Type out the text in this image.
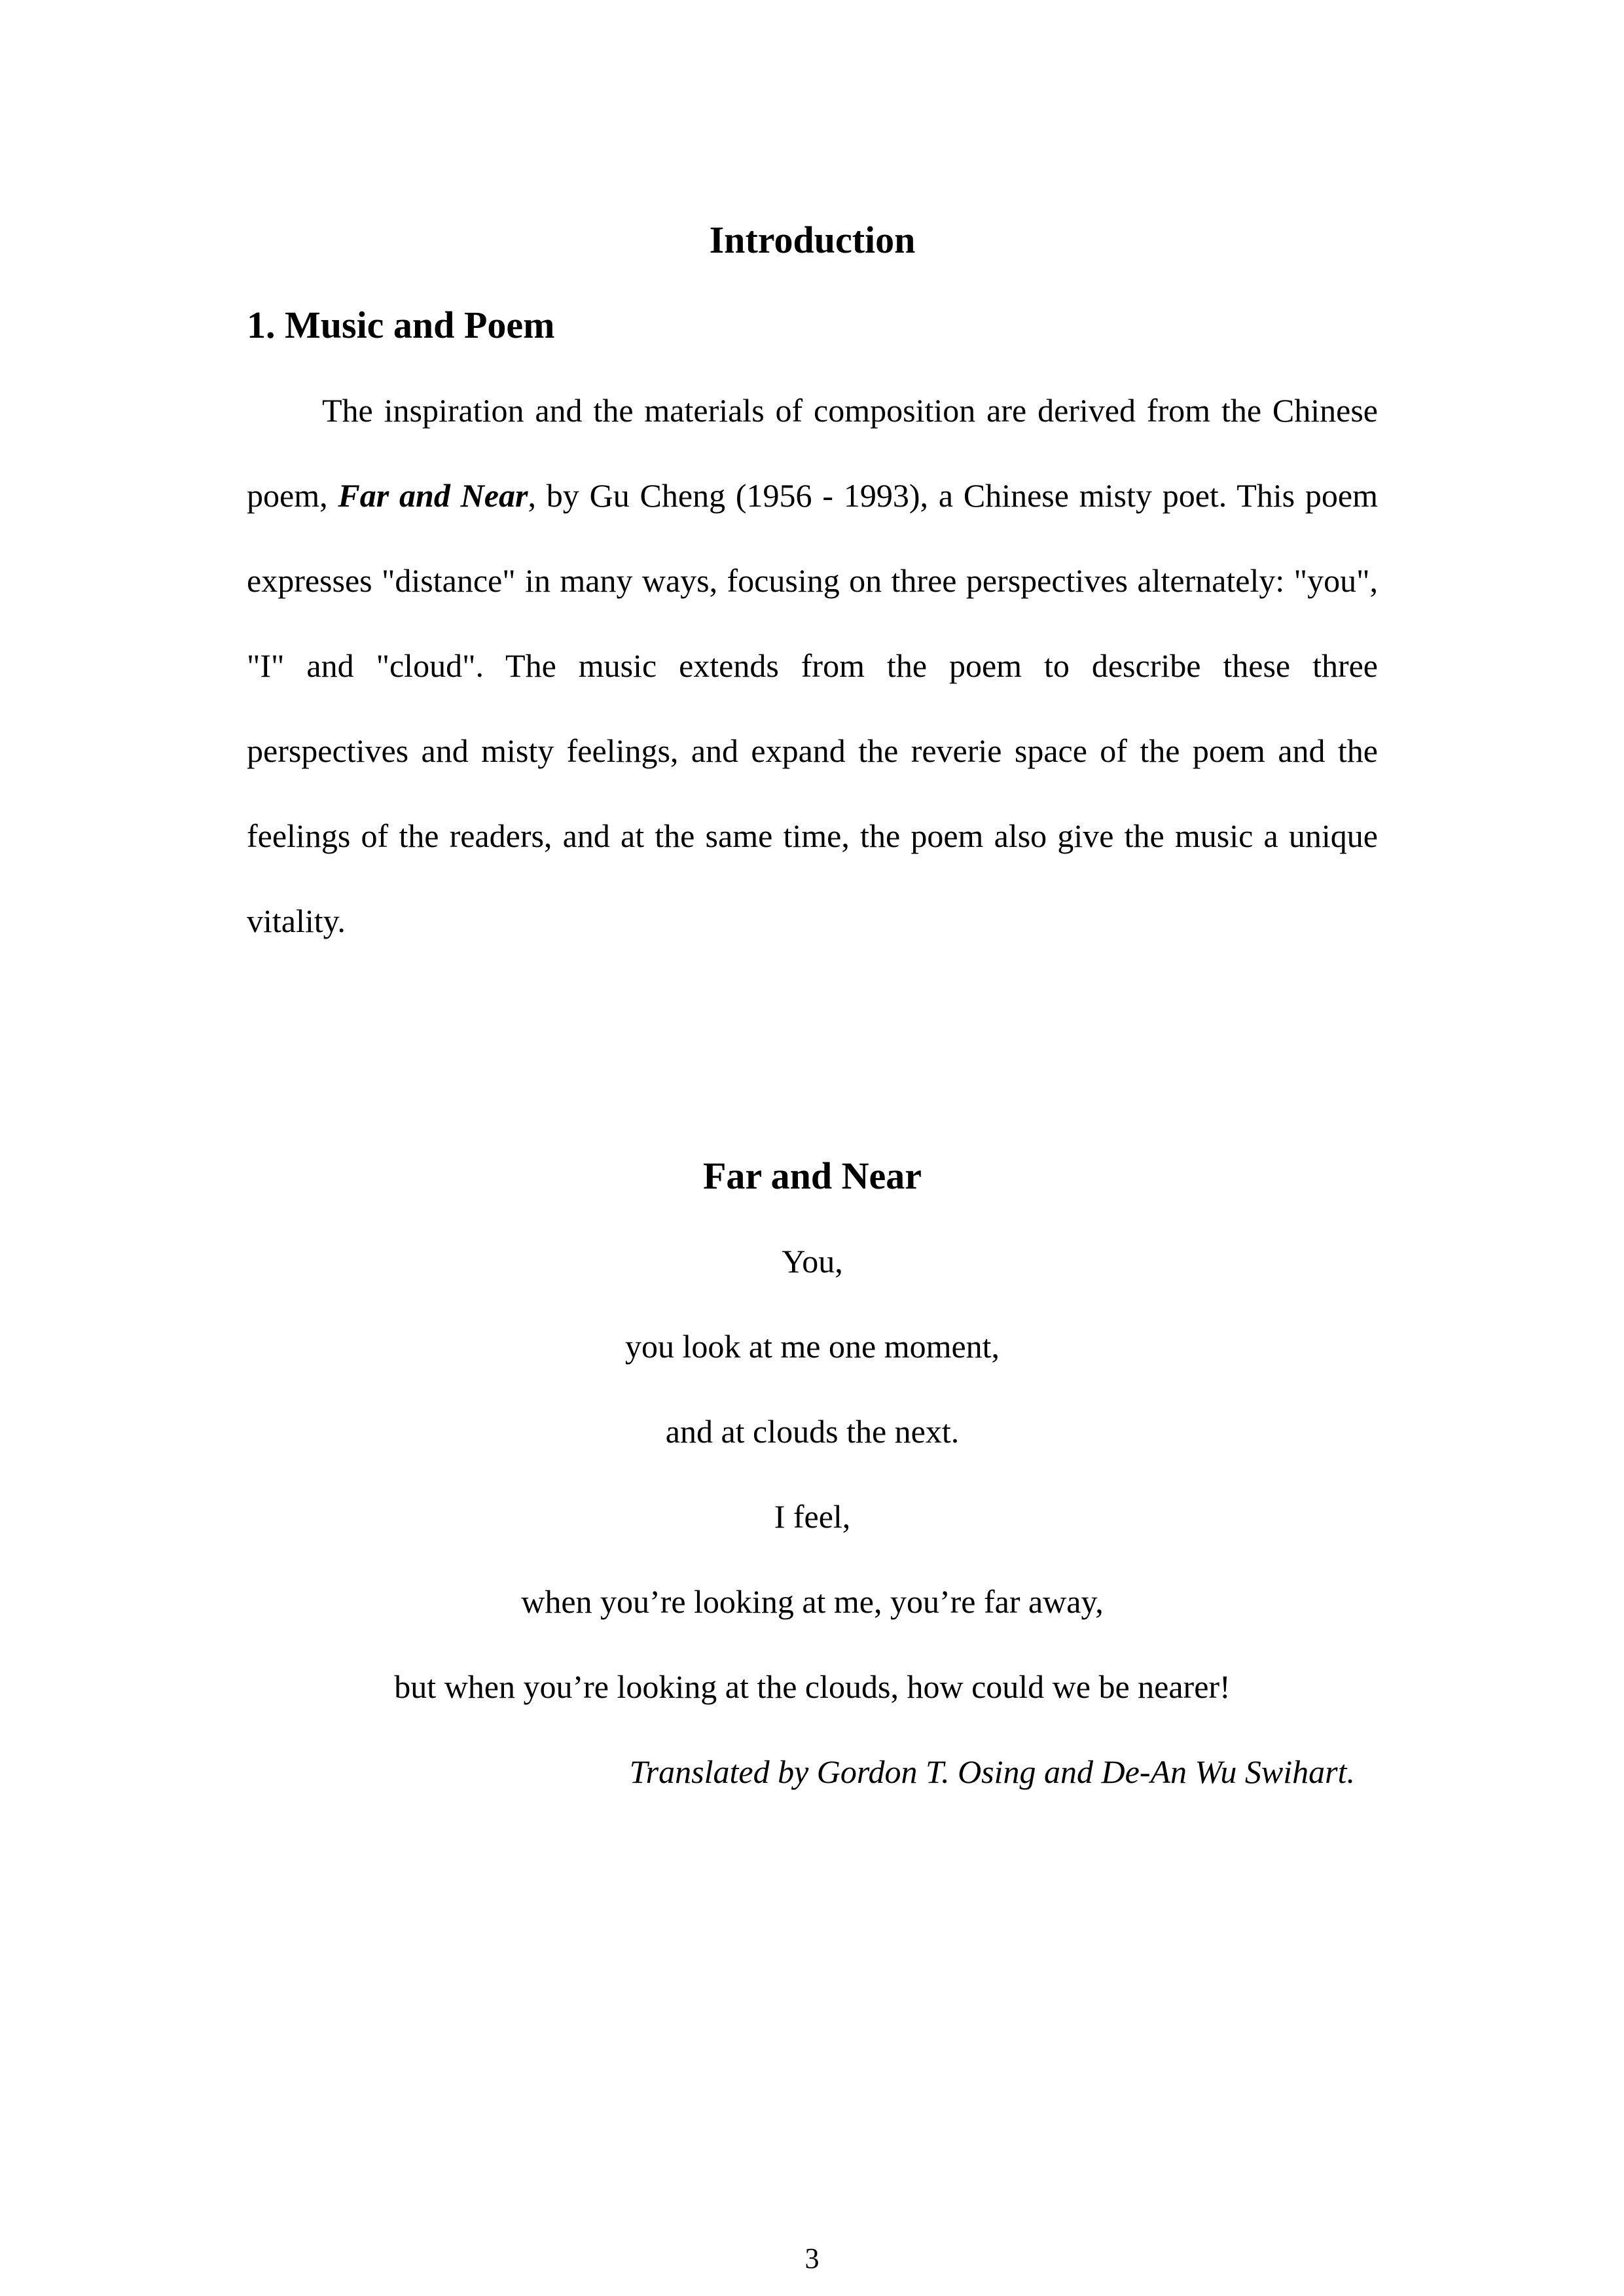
Introduction
1. Music and Poem

The inspiration and the materials of composition are derived from the Chinese poem, Far and Near, by Gu Cheng (1956 - 1993), a Chinese misty poet. This poem expresses "distance" in many ways, focusing on three perspectives alternately: "you", "I" and "cloud". The music extends from the poem to describe these three perspectives and misty feelings, and expand the reverie space of the poem and the feelings of the readers, and at the same time, the poem also give the music a unique vitality.

Far and Near
You,
you look at me one moment,
and at clouds the next.
I feel,
when you’re looking at me, you’re far away,
but when you’re looking at the clouds, how could we be nearer!
Translated by Gordon T. Osing and De-An Wu Swihart.
3
